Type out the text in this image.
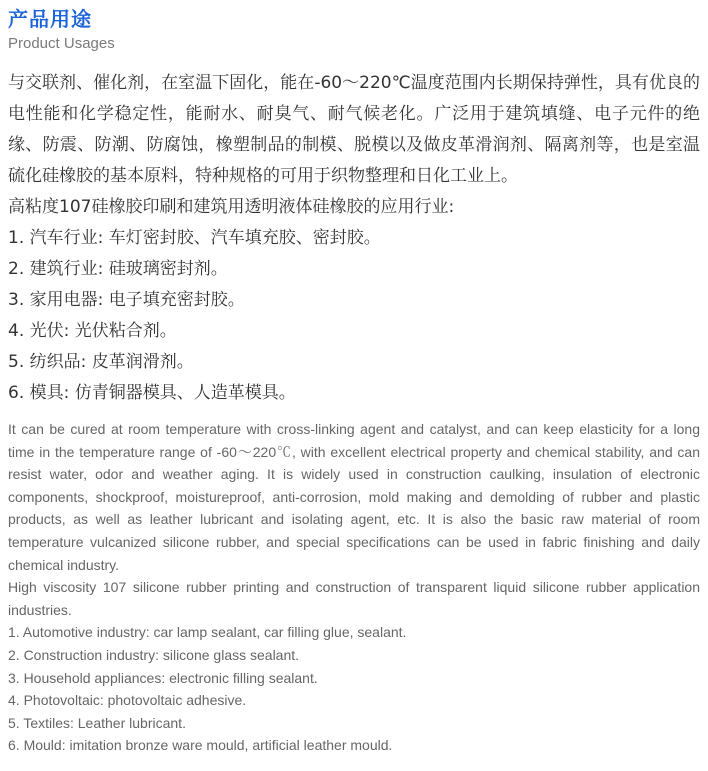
产品用途
Product Usages

与交联剂、催化剂，在室温下固化，能在-60～220℃温度范围内长期保持弹性，具有优良的电性能和化学稳定性，能耐水、耐臭气、耐气候老化。广泛用于建筑填缝、电子元件的绝缘、防震、防潮、防腐蚀，橡塑制品的制模、脱模以及做皮革滑润剂、隔离剂等，也是室温硫化硅橡胶的基本原料，特种规格的可用于织物整理和日化工业上。

高粘度107硅橡胶印刷和建筑用透明液体硅橡胶的应用行业:

1. 汽车行业: 车灯密封胶、汽车填充胶、密封胶。

2. 建筑行业: 硅玻璃密封剂。

3. 家用电器: 电子填充密封胶。

4. 光伏: 光伏粘合剂。

5. 纺织品: 皮革润滑剂。

6. 模具: 仿青铜器模具、人造革模具。

It can be cured at room temperature with cross-linking agent and catalyst, and can keep elasticity for a long time in the temperature range of -60～220℃, with excellent electrical property and chemical stability, and can resist water, odor and weather aging. It is widely used in construction caulking, insulation of electronic components, shockproof, moistureproof, anti-corrosion, mold making and demolding of rubber and plastic products, as well as leather lubricant and isolating agent, etc. It is also the basic raw material of room temperature vulcanized silicone rubber, and special specifications can be used in fabric finishing and daily chemical industry.

High viscosity 107 silicone rubber printing and construction of transparent liquid silicone rubber application industries.

1. Automotive industry: car lamp sealant, car filling glue, sealant.

2. Construction industry: silicone glass sealant.

3. Household appliances: electronic filling sealant.

4. Photovoltaic: photovoltaic adhesive.

5. Textiles: Leather lubricant.

6. Mould: imitation bronze ware mould, artificial leather mould.
